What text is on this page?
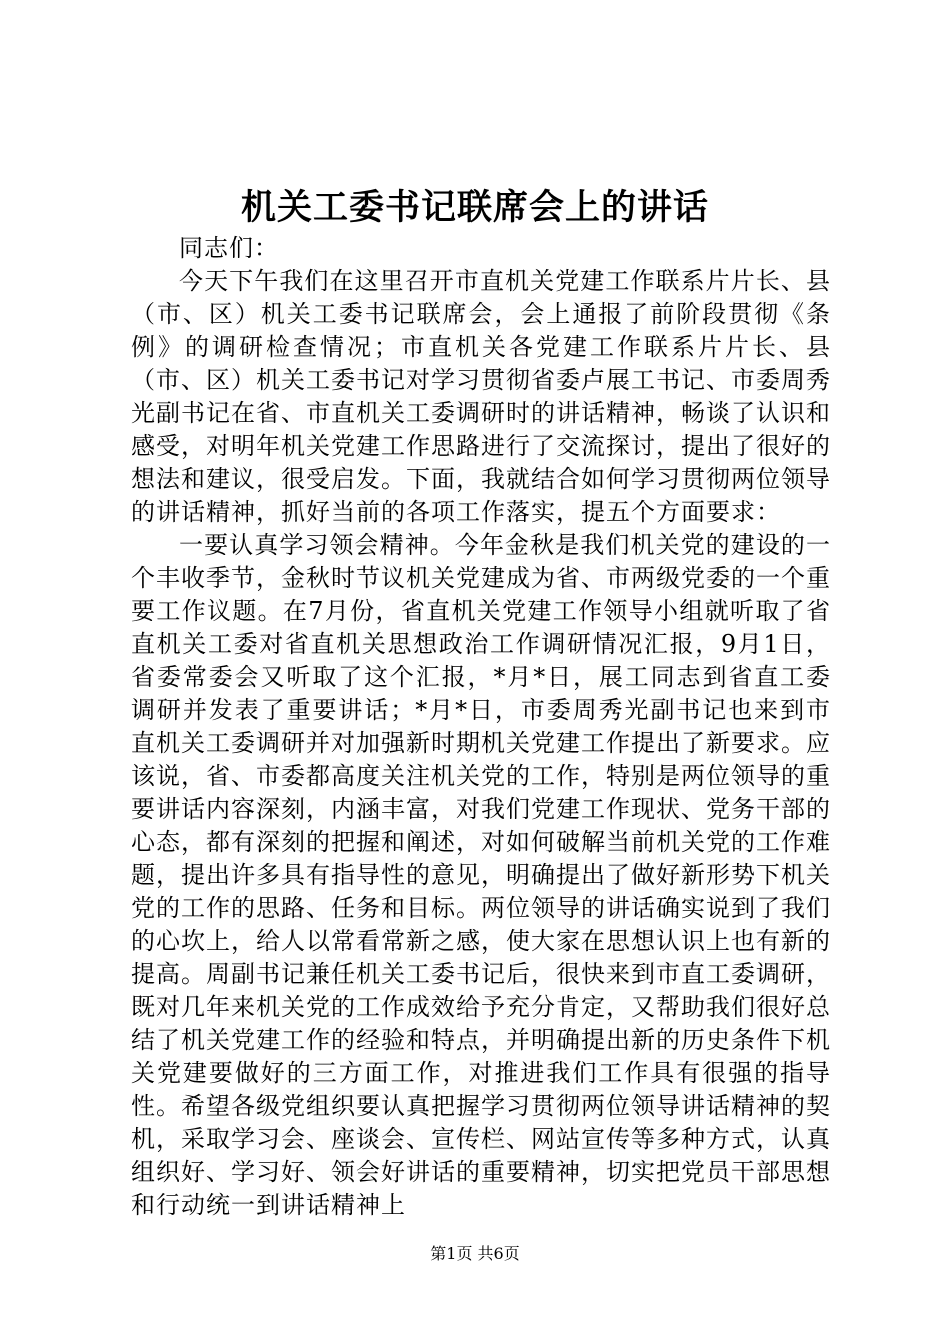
机关工委书记联席会上的讲话

同志们：

今天下午我们在这里召开市直机关党建工作联系片片长、县（市、区）机关工委书记联席会，会上通报了前阶段贯彻《条例》的调研检查情况；市直机关各党建工作联系片片长、县（市、区）机关工委书记对学习贯彻省委卢展工书记、市委周秀光副书记在省、市直机关工委调研时的讲话精神，畅谈了认识和感受，对明年机关党建工作思路进行了交流探讨，提出了很好的想法和建议，很受启发。下面，我就结合如何学习贯彻两位领导的讲话精神，抓好当前的各项工作落实，提五个方面要求：

一要认真学习领会精神。今年金秋是我们机关党的建设的一个丰收季节，金秋时节议机关党建成为省、市两级党委的一个重要工作议题。在7月份，省直机关党建工作领导小组就听取了省直机关工委对省直机关思想政治工作调研情况汇报，9月1日，省委常委会又听取了这个汇报，*月*日，展工同志到省直工委调研并发表了重要讲话；*月*日，市委周秀光副书记也来到市直机关工委调研并对加强新时期机关党建工作提出了新要求。应该说，省、市委都高度关注机关党的工作，特别是两位领导的重要讲话内容深刻，内涵丰富，对我们党建工作现状、党务干部的心态，都有深刻的把握和阐述，对如何破解当前机关党的工作难题，提出许多具有指导性的意见，明确提出了做好新形势下机关党的工作的思路、任务和目标。两位领导的讲话确实说到了我们的心坎上，给人以常看常新之感，使大家在思想认识上也有新的提高。周副书记兼任机关工委书记后，很快来到市直工委调研，既对几年来机关党的工作成效给予充分肯定，又帮助我们很好总结了机关党建工作的经验和特点，并明确提出新的历史条件下机关党建要做好的三方面工作，对推进我们工作具有很强的指导性。希望各级党组织要认真把握学习贯彻两位领导讲话精神的契机，采取学习会、座谈会、宣传栏、网站宣传等多种方式，认真组织好、学习好、领会好讲话的重要精神，切实把党员干部思想和行动统一到讲话精神上

第1页 共6页
